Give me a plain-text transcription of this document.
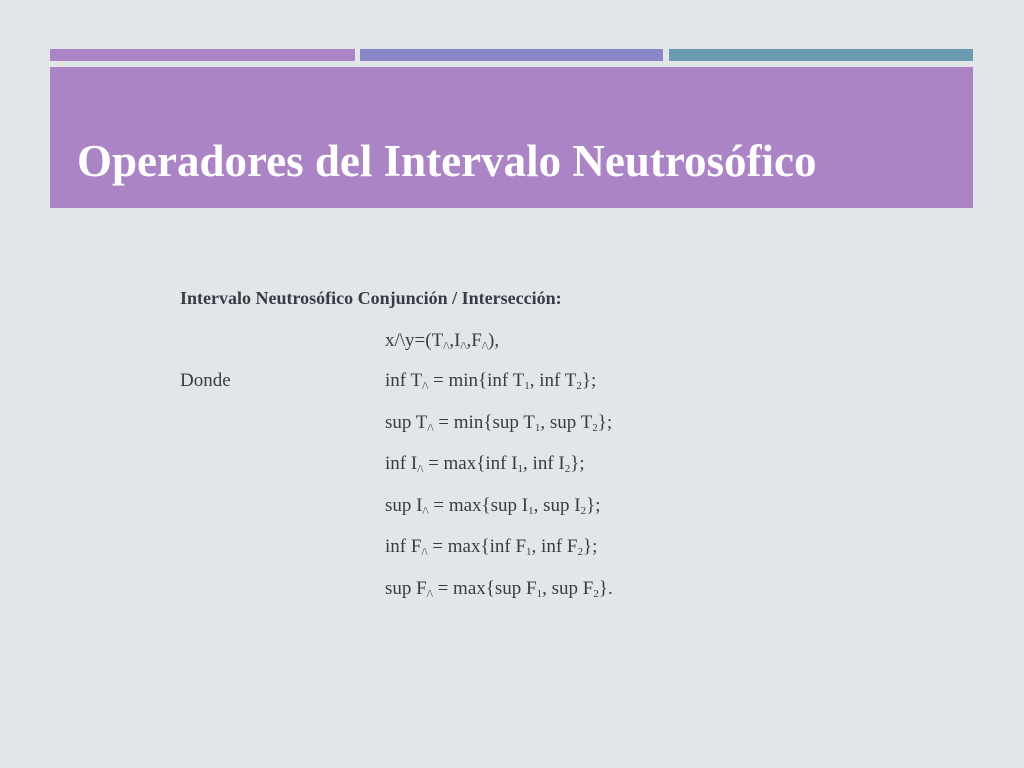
Operadores del Intervalo Neutrosófico
Intervalo Neutrosófico Conjunción / Intersección:
$x/\backslash y=(T_{/\backslash},I_{/\backslash},F_{/\backslash})$,
Donde	inf $T_{/\backslash} = \min\{inf$ $T_1$, inf $T_2$};
sup $T_{/\backslash} = \min\{sup$ $T_1$, sup $T_2$};
inf $I_{/\backslash} = \max\{inf$ $I_1$, inf $I_2$};
sup $I_{/\backslash} = \max\{sup$ $I_1$, sup $I_2$};
inf $F_{/\backslash} = \max\{inf$ $F_1$, inf $F_2$};
sup $F_{/\backslash} = \max\{sup$ $F_1$, sup $F_2$}.
